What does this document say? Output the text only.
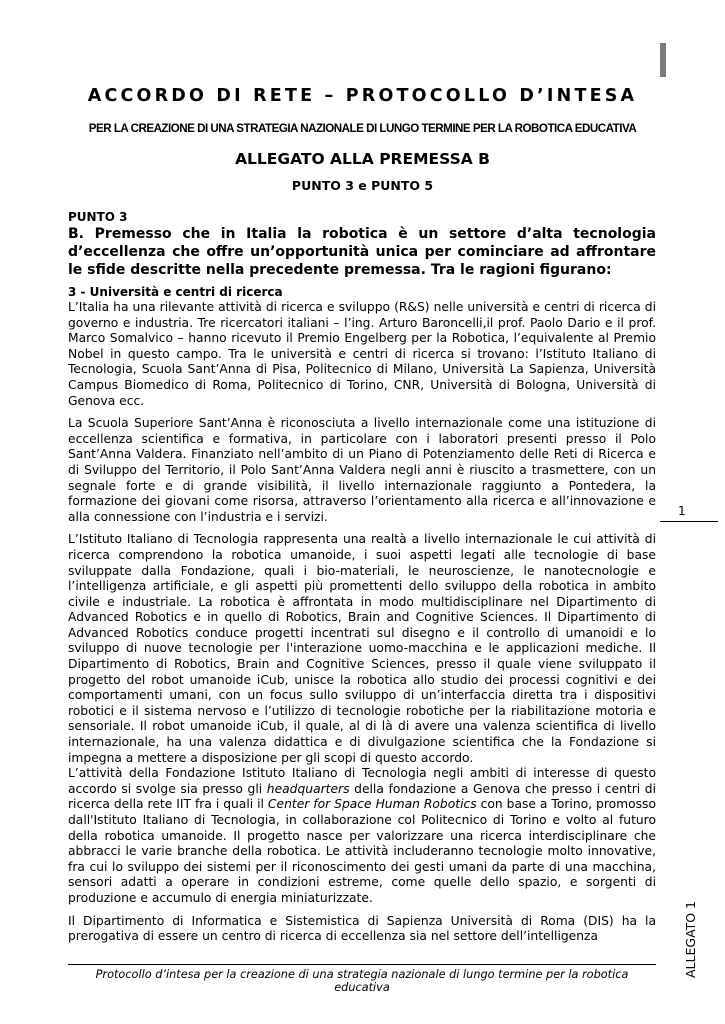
ACCORDO DI RETE – PROTOCOLLO D’INTESA
PER LA CREAZIONE DI UNA STRATEGIA NAZIONALE DI LUNGO TERMINE PER LA ROBOTICA EDUCATIVA
ALLEGATO ALLA PREMESSA B
PUNTO 3 e PUNTO 5
PUNTO 3
B. Premesso che in Italia la robotica è un settore d’alta tecnologia d’eccellenza che offre un’opportunità unica per cominciare ad affrontare le sfide descritte nella precedente premessa. Tra le ragioni figurano:
3 - Università e centri di ricerca
L’Italia ha una rilevante attività di ricerca e sviluppo (R&S) nelle università e centri di ricerca di governo e industria. Tre ricercatori italiani – l’ing. Arturo Baroncelli,il prof. Paolo Dario e il prof. Marco Somalvico – hanno ricevuto il Premio Engelberg per la Robotica, l’equivalente al Premio Nobel in questo campo. Tra le università e centri di ricerca si trovano: l’Istituto Italiano di Tecnologia, Scuola Sant’Anna di Pisa, Politecnico di Milano, Università La Sapienza, Università Campus Biomedico di Roma, Politecnico di Torino, CNR, Università di Bologna, Università di Genova ecc.
La Scuola Superiore Sant’Anna è riconosciuta a livello internazionale come una istituzione di eccellenza scientifica e formativa, in particolare con i laboratori presenti presso il Polo Sant’Anna Valdera. Finanziato nell’ambito di un Piano di Potenziamento delle Reti di Ricerca e di Sviluppo del Territorio, il Polo Sant’Anna Valdera negli anni è riuscito a trasmettere, con un segnale forte e di grande visibilità, il livello internazionale raggiunto a Pontedera, la formazione dei giovani come risorsa, attraverso l’orientamento alla ricerca e all’innovazione e alla connessione con l’industria e i servizi.
L’Istituto Italiano di Tecnologia rappresenta una realtà a livello internazionale le cui attività di ricerca comprendono la robotica umanoide, i suoi aspetti legati alle tecnologie di base sviluppate dalla Fondazione, quali i bio-materiali, le neuroscienze, le nanotecnologie e l’intelligenza artificiale, e gli aspetti più promettenti dello sviluppo della robotica in ambito civile e industriale. La robotica è affrontata in modo multidisciplinare nel Dipartimento di Advanced Robotics e in quello di Robotics, Brain and Cognitive Sciences. Il Dipartimento di Advanced Robotics conduce progetti incentrati sul disegno e il controllo di umanoidi e lo sviluppo di nuove tecnologie per l'interazione uomo-macchina e le applicazioni mediche. Il Dipartimento di Robotics, Brain and Cognitive Sciences, presso il quale viene sviluppato il progetto del robot umanoide iCub, unisce la robotica allo studio dei processi cognitivi e dei comportamenti umani, con un focus sullo sviluppo di un’interfaccia diretta tra i dispositivi robotici e il sistema nervoso e l’utilizzo di tecnologie robotiche per la riabilitazione motoria e sensoriale. Il robot umanoide iCub, il quale, al di là di avere una valenza scientifica di livello internazionale, ha una valenza didattica e di divulgazione scientifica che la Fondazione si impegna a mettere a disposizione per gli scopi di questo accordo.
L’attività della Fondazione Istituto Italiano di Tecnologia negli ambiti di interesse di questo accordo si svolge sia presso gli headquarters della fondazione a Genova che presso i centri di ricerca della rete IIT fra i quali il Center for Space Human Robotics con base a Torino, promosso dall'Istituto Italiano di Tecnologia, in collaborazione col Politecnico di Torino e volto al futuro della robotica umanoide. Il progetto nasce per valorizzare una ricerca interdisciplinare che abbracci le varie branche della robotica. Le attività includeranno tecnologie molto innovative, fra cui lo sviluppo dei sistemi per il riconoscimento dei gesti umani da parte di una macchina, sensori adatti a operare in condizioni estreme, come quelle dello spazio, e sorgenti di produzione e accumulo di energia miniaturizzate.
Il Dipartimento di Informatica e Sistemistica di Sapienza Università di Roma (DIS) ha la prerogativa di essere un centro di ricerca di eccellenza sia nel settore dell’intelligenza
1
ALLEGATO 1
Protocollo d’intesa per la creazione di una strategia nazionale di lungo termine per la robotica educativa
